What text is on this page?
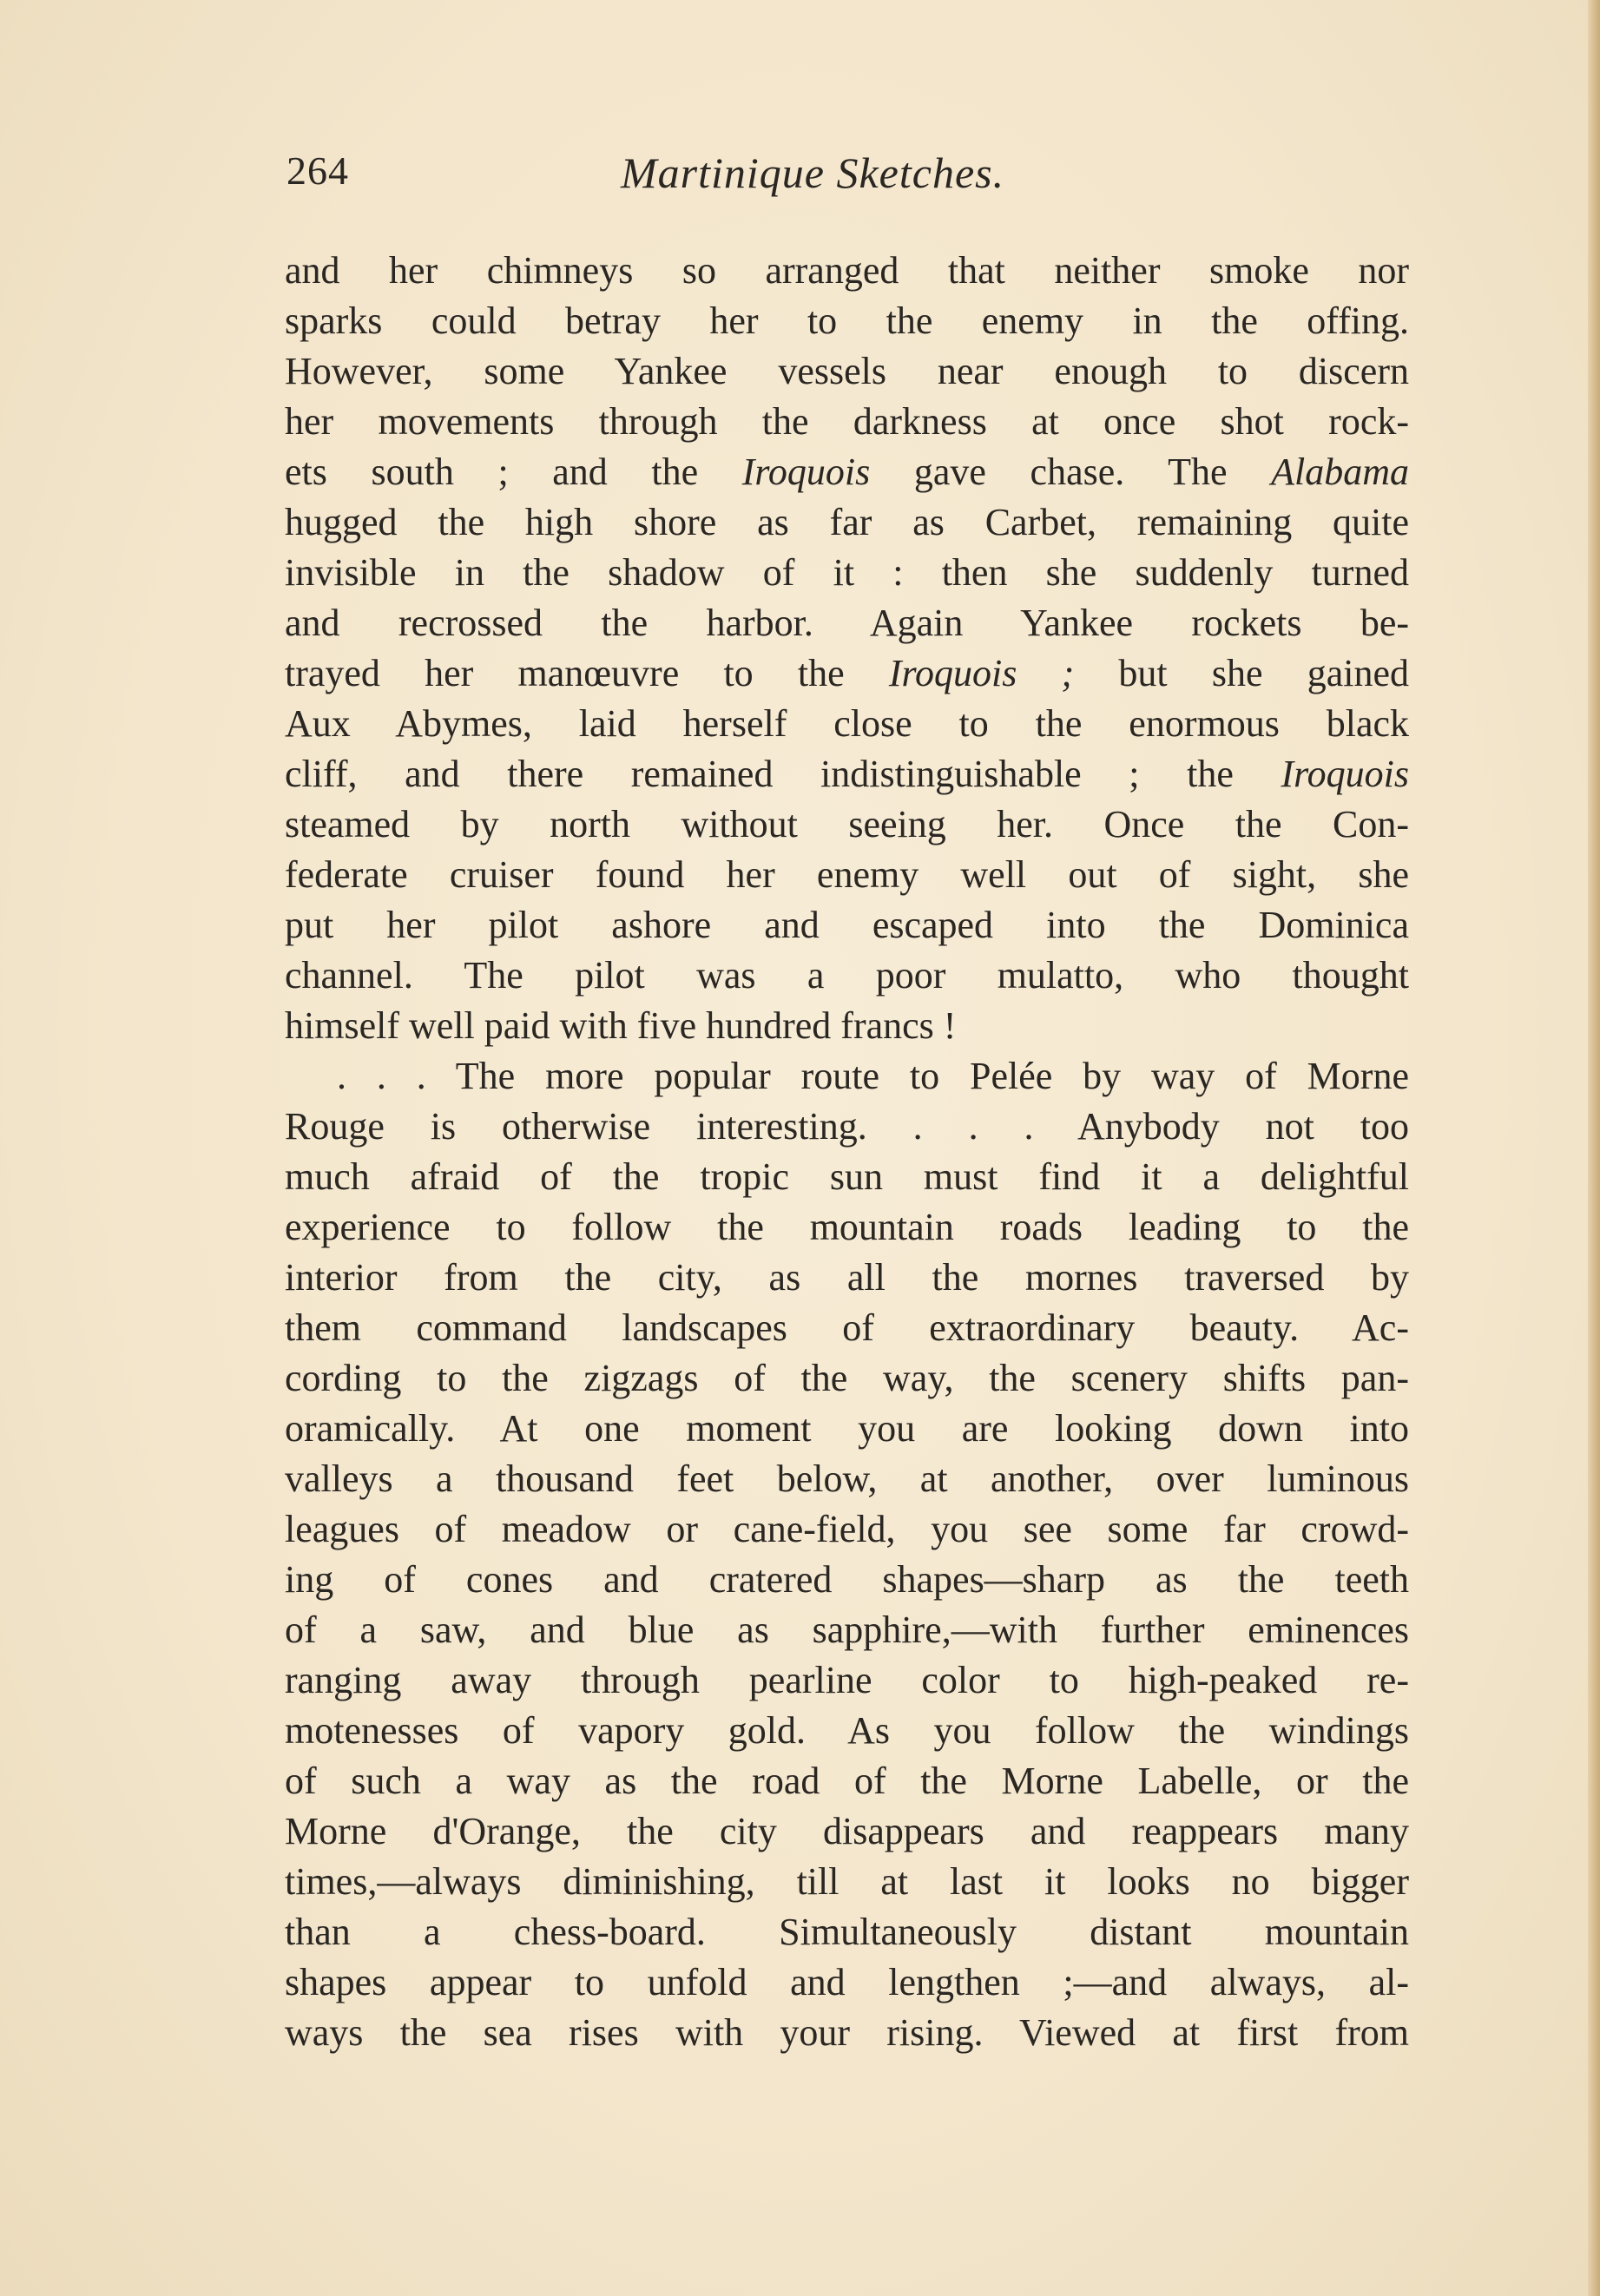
264	Martinique Sketches.
and her chimneys so arranged that neither smoke nor
sparks could betray her to the enemy in the offing.
However, some Yankee vessels near enough to discern
her movements through the darkness at once shot rock-
ets south ; and the Iroquois gave chase. The Alabama
hugged the high shore as far as Carbet, remaining quite
invisible in the shadow of it : then she suddenly turned
and recrossed the harbor. Again Yankee rockets be-
trayed her manœuvre to the Iroquois ; but she gained
Aux Abymes, laid herself close to the enormous black
cliff, and there remained indistinguishable ; the Iroquois
steamed by north without seeing her. Once the Con-
federate cruiser found her enemy well out of sight, she
put her pilot ashore and escaped into the Dominica
channel. The pilot was a poor mulatto, who thought
himself well paid with five hundred francs !
. . . The more popular route to Pelée by way of Morne
Rouge is otherwise interesting. . . . Anybody not too
much afraid of the tropic sun must find it a delightful
experience to follow the mountain roads leading to the
interior from the city, as all the mornes traversed by
them command landscapes of extraordinary beauty. Ac-
cording to the zigzags of the way, the scenery shifts pan-
oramically. At one moment you are looking down into
valleys a thousand feet below, at another, over luminous
leagues of meadow or cane-field, you see some far crowd-
ing of cones and cratered shapes—sharp as the teeth
of a saw, and blue as sapphire,—with further eminences
ranging away through pearline color to high-peaked re-
motenesses of vapory gold. As you follow the windings
of such a way as the road of the Morne Labelle, or the
Morne d'Orange, the city disappears and reappears many
times,—always diminishing, till at last it looks no bigger
than a chess-board. Simultaneously distant mountain
shapes appear to unfold and lengthen ;—and always, al-
ways the sea rises with your rising. Viewed at first from
